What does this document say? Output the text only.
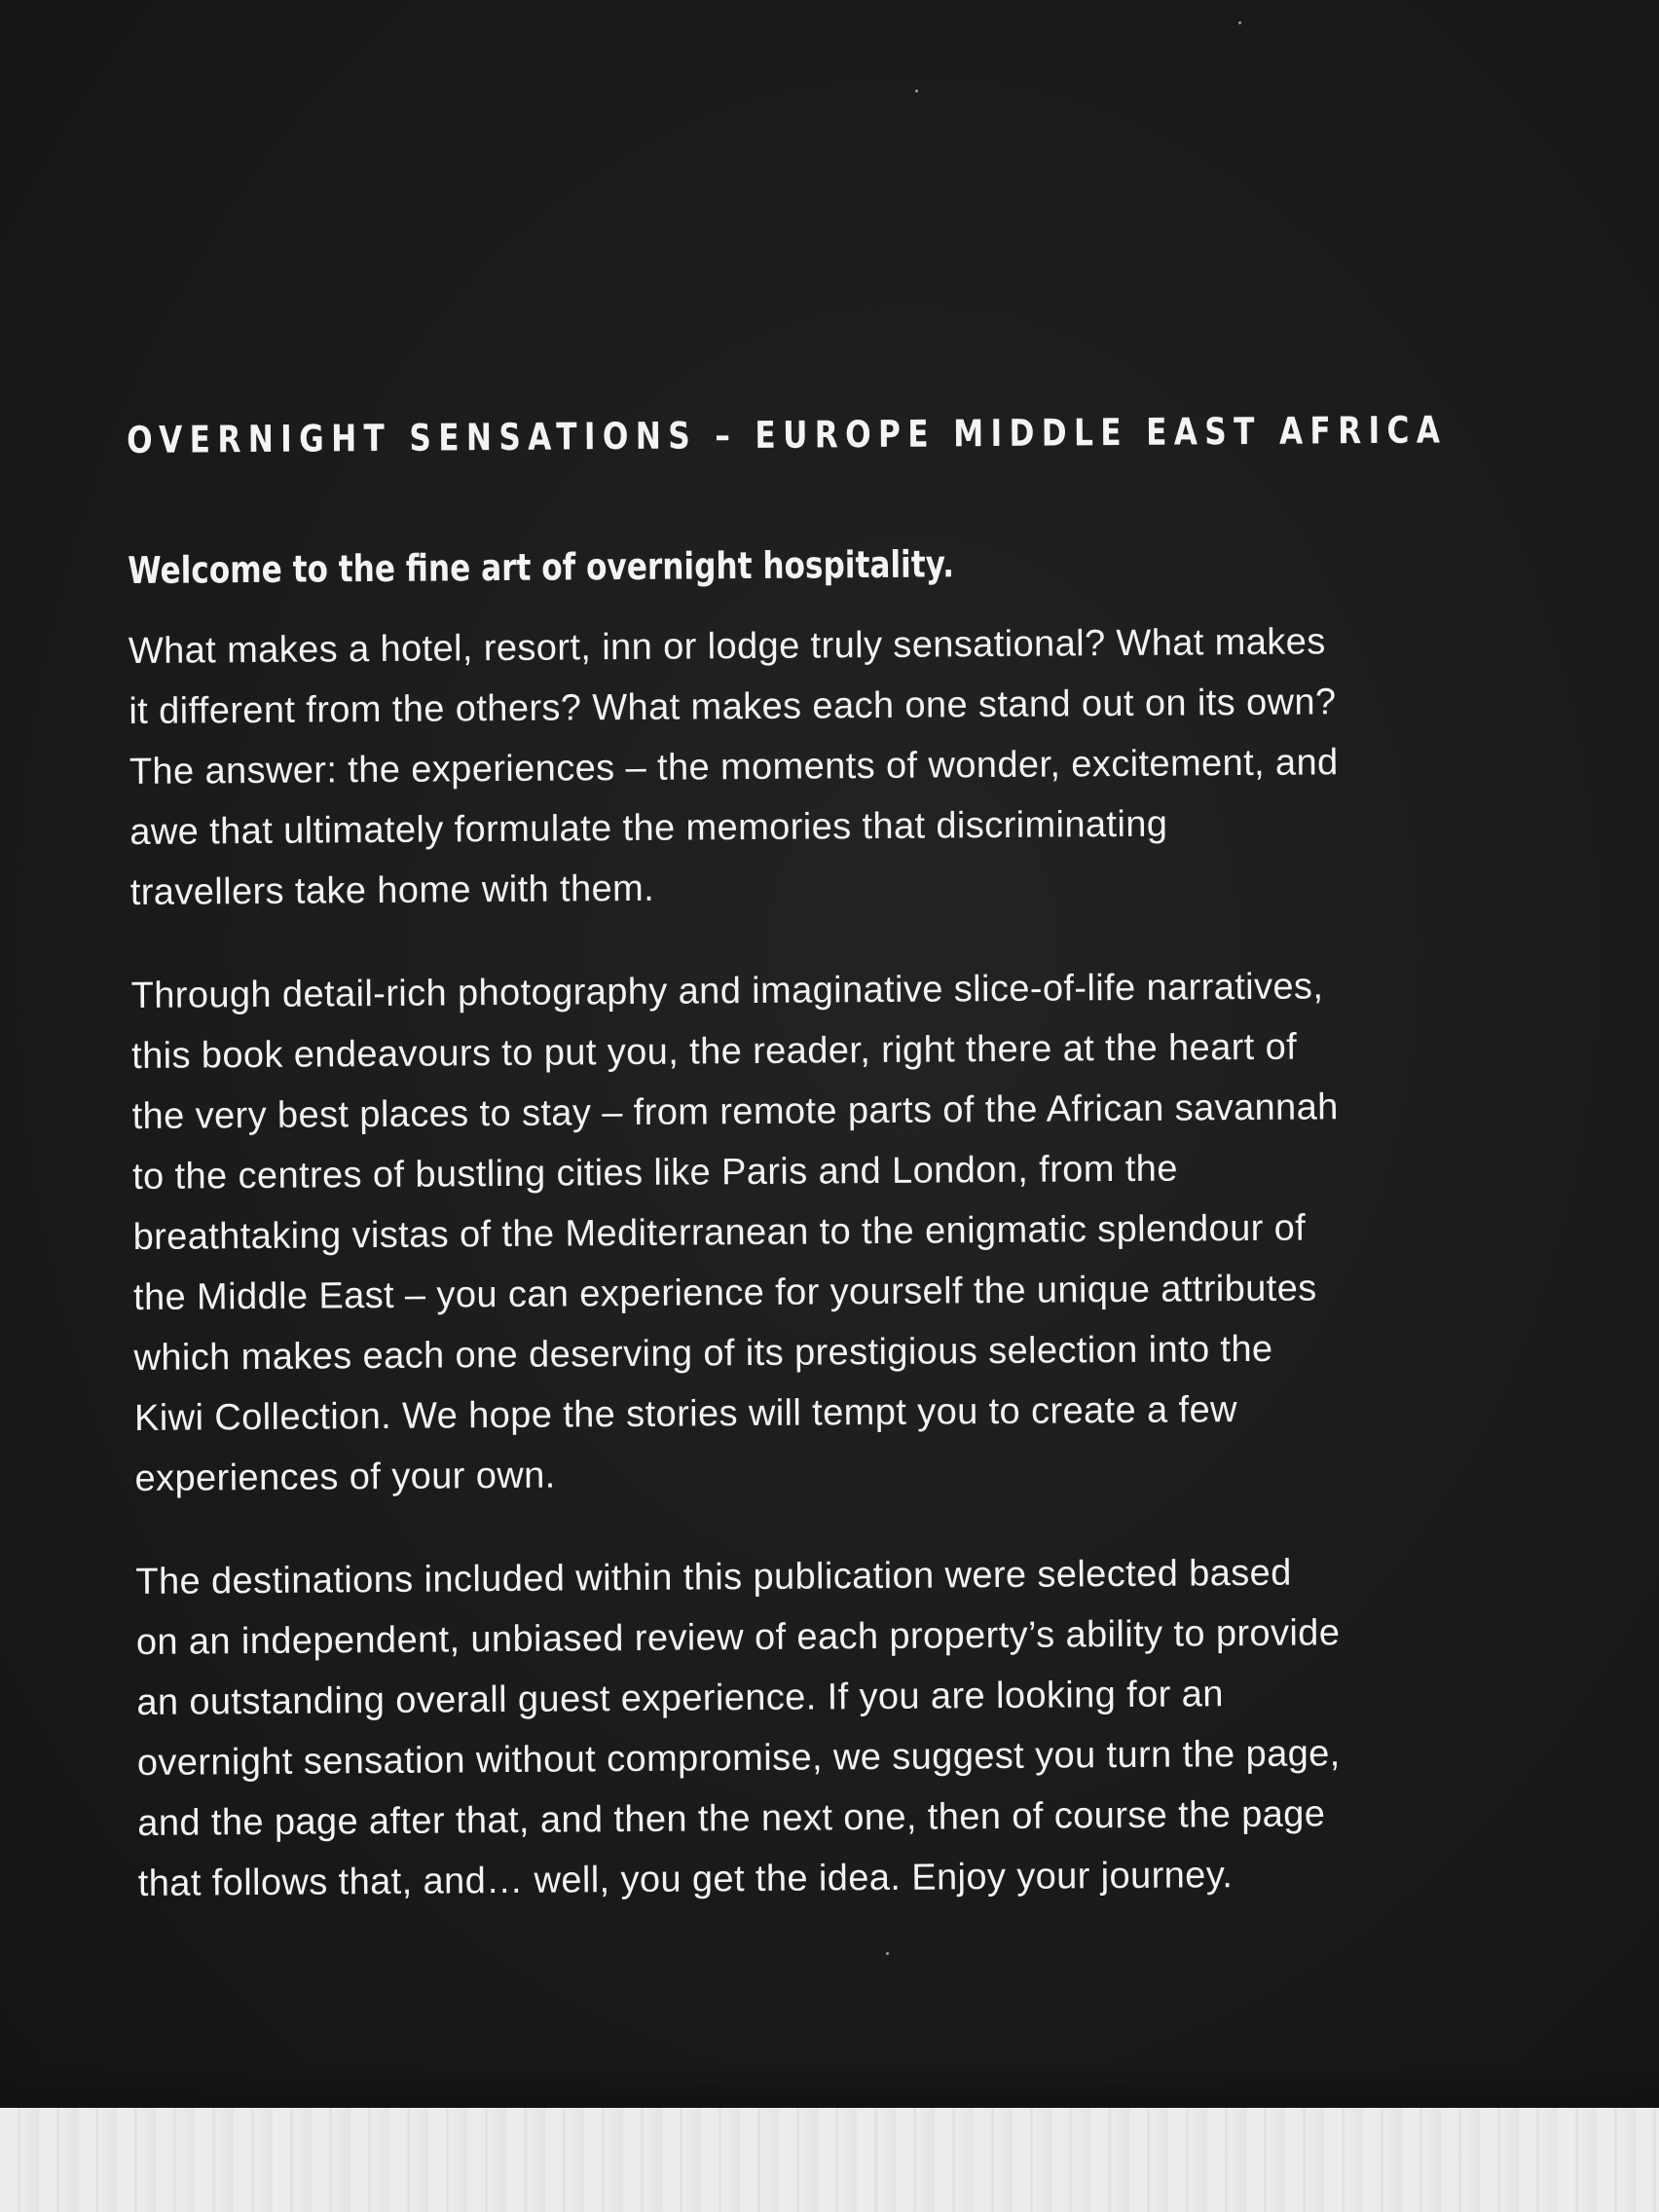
OVERNIGHT SENSATIONS – EUROPE MIDDLE EAST AFRICA

Welcome to the fine art of overnight hospitality.

What makes a hotel, resort, inn or lodge truly sensational? What makes
it different from the others? What makes each one stand out on its own?
The answer: the experiences – the moments of wonder, excitement, and
awe that ultimately formulate the memories that discriminating
travellers take home with them.

Through detail-rich photography and imaginative slice-of-life narratives,
this book endeavours to put you, the reader, right there at the heart of
the very best places to stay – from remote parts of the African savannah
to the centres of bustling cities like Paris and London, from the
breathtaking vistas of the Mediterranean to the enigmatic splendour of
the Middle East – you can experience for yourself the unique attributes
which makes each one deserving of its prestigious selection into the
Kiwi Collection. We hope the stories will tempt you to create a few
experiences of your own.

The destinations included within this publication were selected based
on an independent, unbiased review of each property’s ability to provide
an outstanding overall guest experience. If you are looking for an
overnight sensation without compromise, we suggest you turn the page,
and the page after that, and then the next one, then of course the page
that follows that, and… well, you get the idea. Enjoy your journey.
